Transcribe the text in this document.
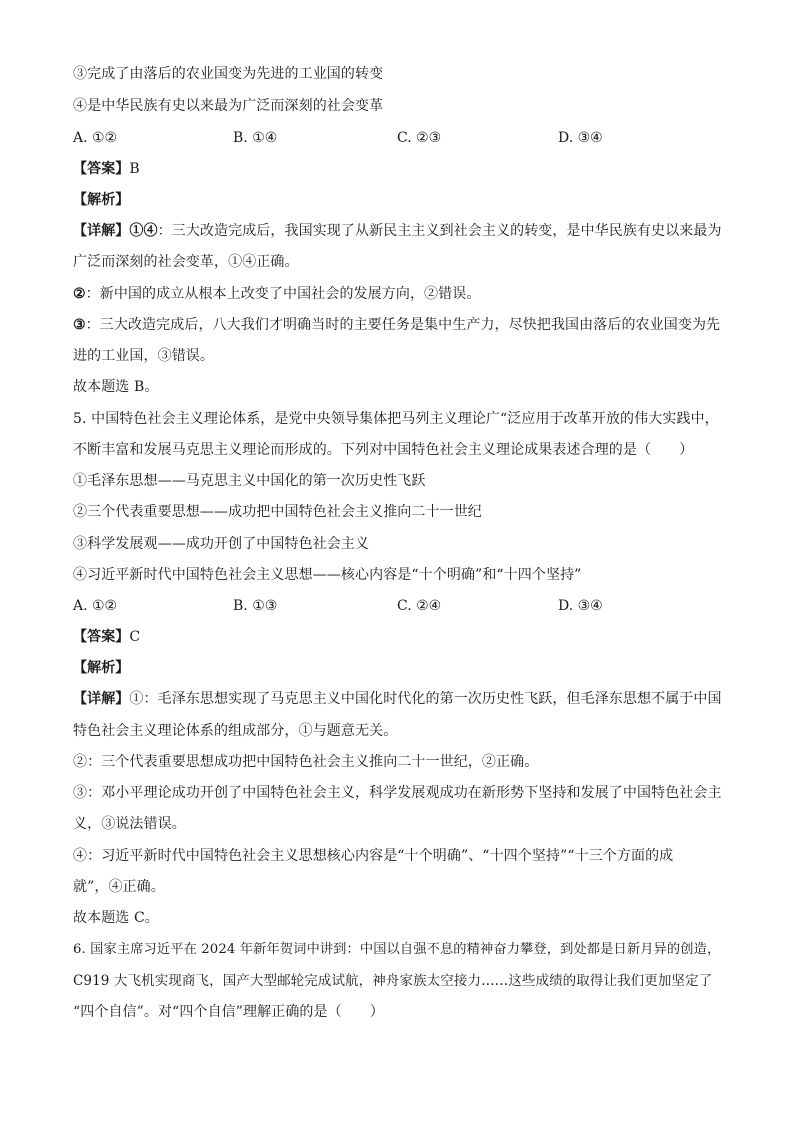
③完成了由落后的农业国变为先进的工业国的转变
④是中华民族有史以来最为广泛而深刻的社会变革
A. ①②	B. ①④	C. ②③	D. ③④
【答案】B
【解析】
【详解】①④：三大改造完成后，我国实现了从新民主主义到社会主义的转变，是中华民族有史以来最为
广泛而深刻的社会变革，①④正确。
②：新中国的成立从根本上改变了中国社会的发展方向，②错误。
③：三大改造完成后，八大我们才明确当时的主要任务是集中生产力，尽快把我国由落后的农业国变为先
进的工业国，③错误。
故本题选 B。
5. 中国特色社会主义理论体系，是党中央领导集体把马列主义理论广“泛应用于改革开放的伟大实践中，
不断丰富和发展马克思主义理论而形成的。下列对中国特色社会主义理论成果表述合理的是（　　）
①毛泽东思想——马克思主义中国化的第一次历史性飞跃
②三个代表重要思想——成功把中国特色社会主义推向二十一世纪
③科学发展观——成功开创了中国特色社会主义
④习近平新时代中国特色社会主义思想——核心内容是“十个明确”和“十四个坚持”
A. ①②	B. ①③	C. ②④	D. ③④
【答案】C
【解析】
【详解】①：毛泽东思想实现了马克思主义中国化时代化的第一次历史性飞跃，但毛泽东思想不属于中国
特色社会主义理论体系的组成部分，①与题意无关。
②：三个代表重要思想成功把中国特色社会主义推向二十一世纪，②正确。
③：邓小平理论成功开创了中国特色社会主义，科学发展观成功在新形势下坚持和发展了中国特色社会主
义，③说法错误。
④：习近平新时代中国特色社会主义思想核心内容是“十个明确”、“十四个坚持”“十三个方面的成
就”，④正确。
故本题选 C。
6. 国家主席习近平在 2024 年新年贺词中讲到：中国以自强不息的精神奋力攀登，到处都是日新月异的创造，
C919 大飞机实现商飞，国产大型邮轮完成试航，神舟家族太空接力……这些成绩的取得让我们更加坚定了
“四个自信”。对“四个自信”理解正确的是（　　）
